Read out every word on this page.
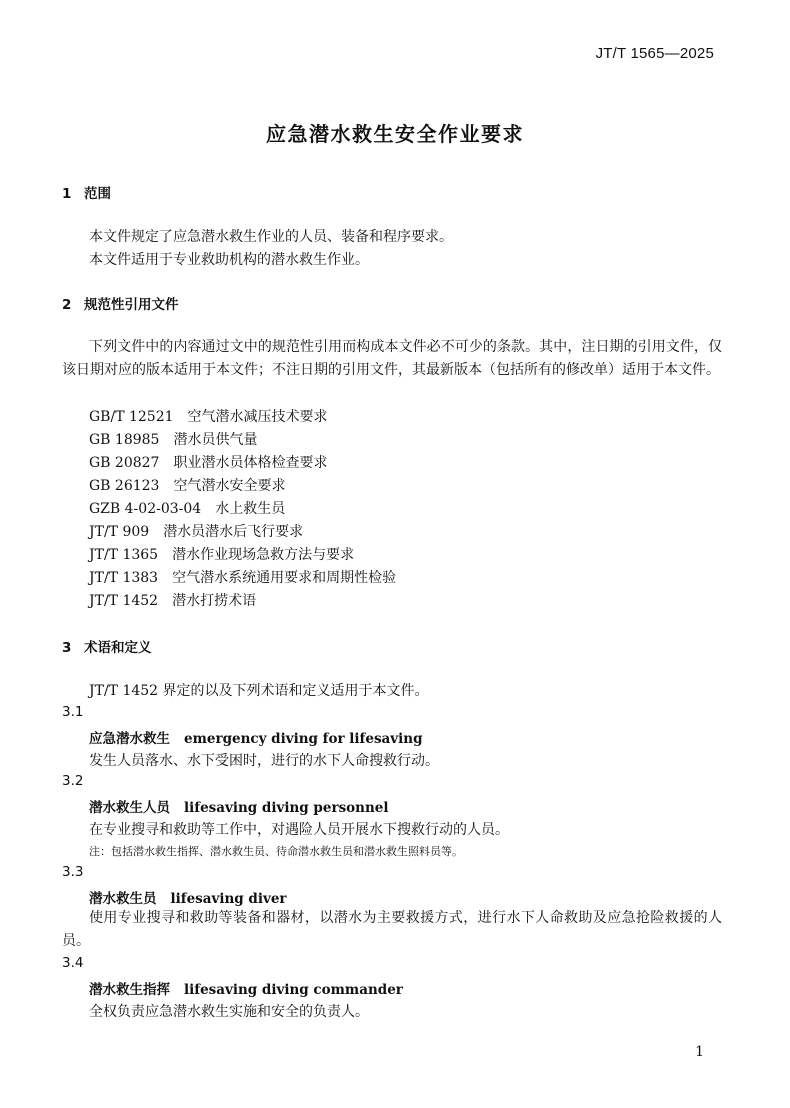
JT/T 1565—2025
应急潜水救生安全作业要求
1 范围
本文件规定了应急潜水救生作业的人员、装备和程序要求。
本文件适用于专业救助机构的潜水救生作业。
2 规范性引用文件
下列文件中的内容通过文中的规范性引用而构成本文件必不可少的条款。其中，注日期的引用文件，仅该日期对应的版本适用于本文件；不注日期的引用文件，其最新版本（包括所有的修改单）适用于本文件。
GB/T 12521 空气潜水减压技术要求
GB 18985 潜水员供气量
GB 20827 职业潜水员体格检查要求
GB 26123 空气潜水安全要求
GZB 4-02-03-04 水上救生员
JT/T 909 潜水员潜水后飞行要求
JT/T 1365 潜水作业现场急救方法与要求
JT/T 1383 空气潜水系统通用要求和周期性检验
JT/T 1452 潜水打捞术语
3 术语和定义
JT/T 1452 界定的以及下列术语和定义适用于本文件。
3.1
应急潜水救生 emergency diving for lifesaving
发生人员落水、水下受困时，进行的水下人命搜救行动。
3.2
潜水救生人员 lifesaving diving personnel
在专业搜寻和救助等工作中，对遇险人员开展水下搜救行动的人员。
注：包括潜水救生指挥、潜水救生员、待命潜水救生员和潜水救生照料员等。
3.3
潜水救生员 lifesaving diver
使用专业搜寻和救助等装备和器材，以潜水为主要救援方式，进行水下人命救助及应急抢险救援的人员。
3.4
潜水救生指挥 lifesaving diving commander
全权负责应急潜水救生实施和安全的负责人。
1
